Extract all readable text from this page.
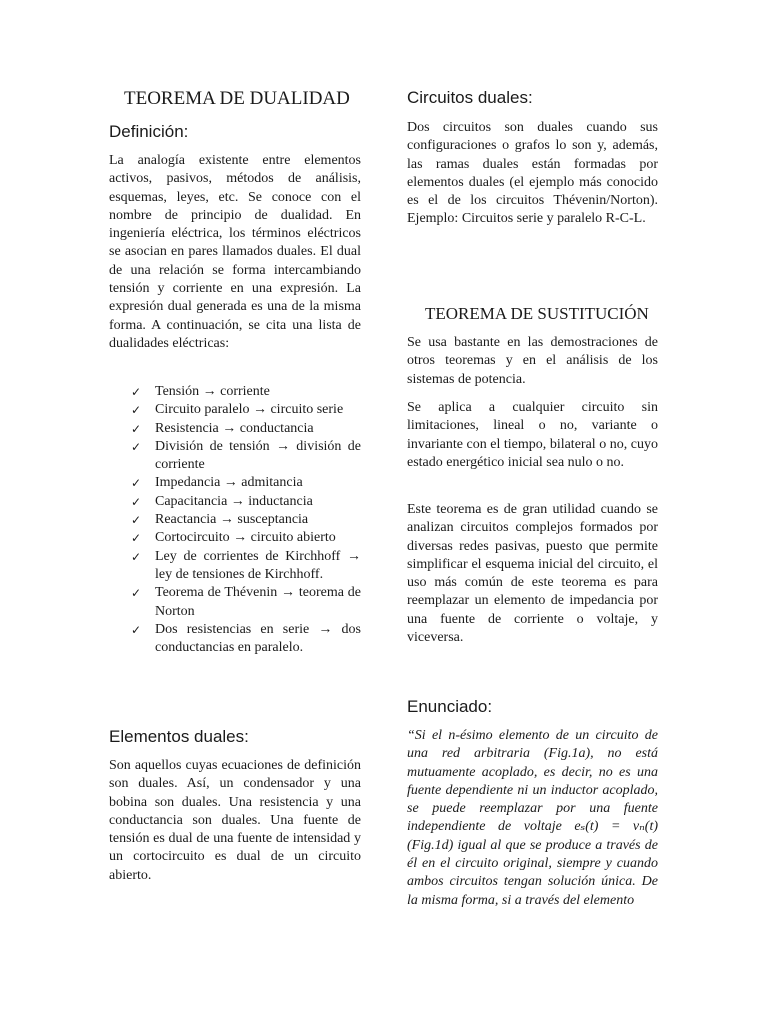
TEOREMA DE DUALIDAD
Definición:

La analogía existente entre elementos activos, pasivos, métodos de análisis, esquemas, leyes, etc. Se conoce con el nombre de principio de dualidad. En ingeniería eléctrica, los términos eléctricos se asocian en pares llamados duales. El dual de una relación se forma intercambiando tensión y corriente en una expresión. La expresión dual generada es una de la misma forma. A continuación, se cita una lista de dualidades eléctricas:

✓ Tensión → corriente
✓ Circuito paralelo → circuito serie
✓ Resistencia → conductancia
✓ División de tensión → división de corriente
✓ Impedancia → admitancia
✓ Capacitancia → inductancia
✓ Reactancia → susceptancia
✓ Cortocircuito → circuito abierto
✓ Ley de corrientes de Kirchhoff → ley de tensiones de Kirchhoff.
✓ Teorema de Thévenin → teorema de Norton
✓ Dos resistencias en serie → dos conductancias en paralelo.
Elementos duales:

Son aquellos cuyas ecuaciones de definición son duales. Así, un condensador y una bobina son duales. Una resistencia y una conductancia son duales. Una fuente de tensión es dual de una fuente de intensidad y un cortocircuito es dual de un circuito abierto.

Circuitos duales:

Dos circuitos son duales cuando sus configuraciones o grafos lo son y, además, las ramas duales están formadas por elementos duales (el ejemplo más conocido es el de los circuitos Thévenin/Norton). Ejemplo: Circuitos serie y paralelo R-C-L.

TEOREMA DE SUSTITUCIÓN

Se usa bastante en las demostraciones de otros teoremas y en el análisis de los sistemas de potencia.

Se aplica a cualquier circuito sin limitaciones, lineal o no, variante o invariante con el tiempo, bilateral o no, cuyo estado energético inicial sea nulo o no.

Este teorema es de gran utilidad cuando se analizan circuitos complejos formados por diversas redes pasivas, puesto que permite simplificar el esquema inicial del circuito, el uso más común de este teorema es para reemplazar un elemento de impedancia por una fuente de corriente o voltaje, y viceversa.

Enunciado:

“Si el n-ésimo elemento de un circuito de una red arbitraria (Fig.1a), no está mutuamente acoplado, es decir, no es una fuente dependiente ni un inductor acoplado, se puede reemplazar por una fuente independiente de voltaje eₛ(t) = vₙ(t) (Fig.1d) igual al que se produce a través de él en el circuito original, siempre y cuando ambos circuitos tengan solución única. De la misma forma, si a través del elemento
